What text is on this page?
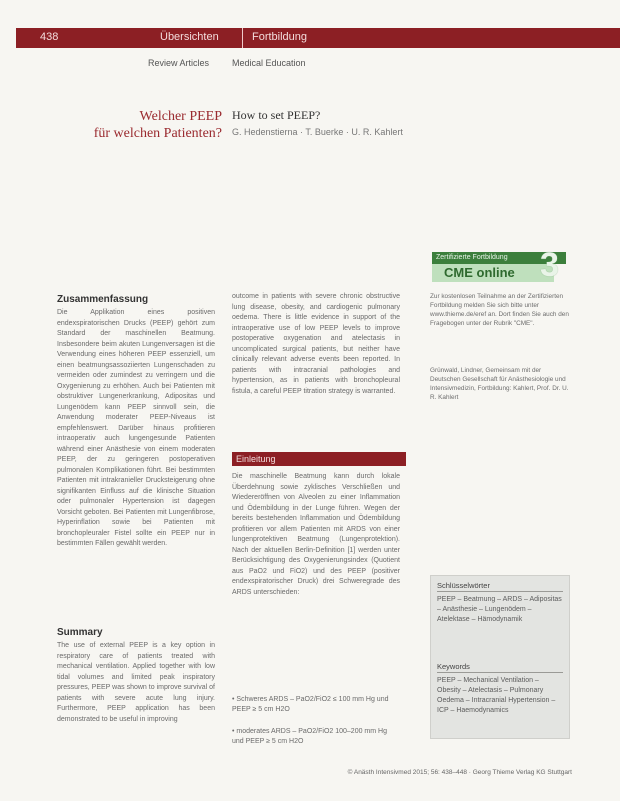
438	Übersichten	Fortbildung
Review Articles	Medical Education
Welcher PEEP
für welchen Patienten?
How to set PEEP?
G. Hedenstierna · T. Buerke · U. R. Kahlert
Zertifizierte Fortbildung
CME online 3
Zusammenfassung
Die Applikation eines positiven endexspiratorischen Drucks (PEEP) gehört zum Standard der maschinellen Beatmung. Insbesondere beim akuten Lungenversagen ist die Verwendung eines höheren PEEP essenziell, um einen beatmungsassoziierten Lungenschaden zu vermeiden oder zumindest zu verringern und die Oxygenierung zu erhöhen. Auch bei Patienten mit obstruktiver Lungenerkrankung, Adipositas und Lungenödem kann PEEP sinnvoll sein, die Anwendung moderater PEEP-Niveaus ist empfehlenswert. Darüber hinaus profitieren intraoperativ auch lungengesunde Patienten während einer Anästhesie von einem moderaten PEEP, der zu geringeren postoperativen pulmonalen Komplikationen führt. Bei bestimmten Patienten mit intrakranieller Drucksteigerung ohne signifikanten Einfluss auf die klinische Situation oder pulmonaler Hypertension ist dagegen Vorsicht geboten. Bei Patienten mit Lungenfibrose, Hyperinflation sowie bei Patienten mit bronchopleuraler Fistel sollte ein PEEP nur in bestimmten Fällen gewählt werden.
Summary
The use of external PEEP is a key option in respiratory care of patients treated with mechanical ventilation. Applied together with low tidal volumes and limited peak inspiratory pressures, PEEP was shown to improve survival of patients with severe acute lung injury. Furthermore, PEEP application has been demonstrated to be useful in improving
outcome in patients with severe chronic obstructive lung disease, obesity, and cardiogenic pulmonary oedema. There is little evidence in support of the intraoperative use of low PEEP levels to improve postoperative oxygenation and atelectasis in uncomplicated surgical patients, but neither have clinically relevant adverse events been reported. In patients with intracranial pathologies and hypertension, as in patients with bronchopleural fistula, a careful PEEP titration strategy is warranted.
Einleitung
Die maschinelle Beatmung kann durch lokale Überdehnung sowie zyklisches Verschließen und Wiedereröffnen von Alveolen zu einer Inflammation und Ödembildung in der Lunge führen. Wegen der bereits bestehenden Inflammation und Ödembildung profitieren vor allem Patienten mit ARDS von einer lungenprotektiven Beatmung (Lungenprotektion). Nach der aktuellen Berlin-Definition [1] werden unter Berücksichtigung des Oxygenierungsindex (Quotient aus PaO2 und FiO2) und des PEEP (positiver endexspiratorischer Druck) drei Schweregrade des ARDS unterschieden:
• Schweres ARDS – PaO2/FiO2 ≤ 100 mm Hg und PEEP ≥ 5 cm H2O
• moderates ARDS – PaO2/FiO2 100–200 mm Hg und PEEP ≥ 5 cm H2O
Zur kostenlosen Teilnahme an der Zertifizierten Fortbildung melden Sie sich bitte unter www.thieme.de/eref an. Dort finden Sie auch den Fragebogen unter der Rubrik "CME".
Grünwald, Lindner, Gemeinsam mit der Deutschen Gesellschaft für Anästhesiologie und Intensivmedizin, Fortbildung: Kahlert, Prof. Dr. U. R. Kahlert
Schlüsselwörter
PEEP – Beatmung – ARDS – Adipositas – Anästhesie – Lungenödem – Atelektase – Hämodynamik
Keywords
PEEP – Mechanical Ventilation – Obesity – Atelectasis – Pulmonary Oedema – Intracranial Hypertension – ICP – Haemodynamics
© Anästh Intensivmed 2015; 56: 438–448 · Georg Thieme Verlag KG Stuttgart
